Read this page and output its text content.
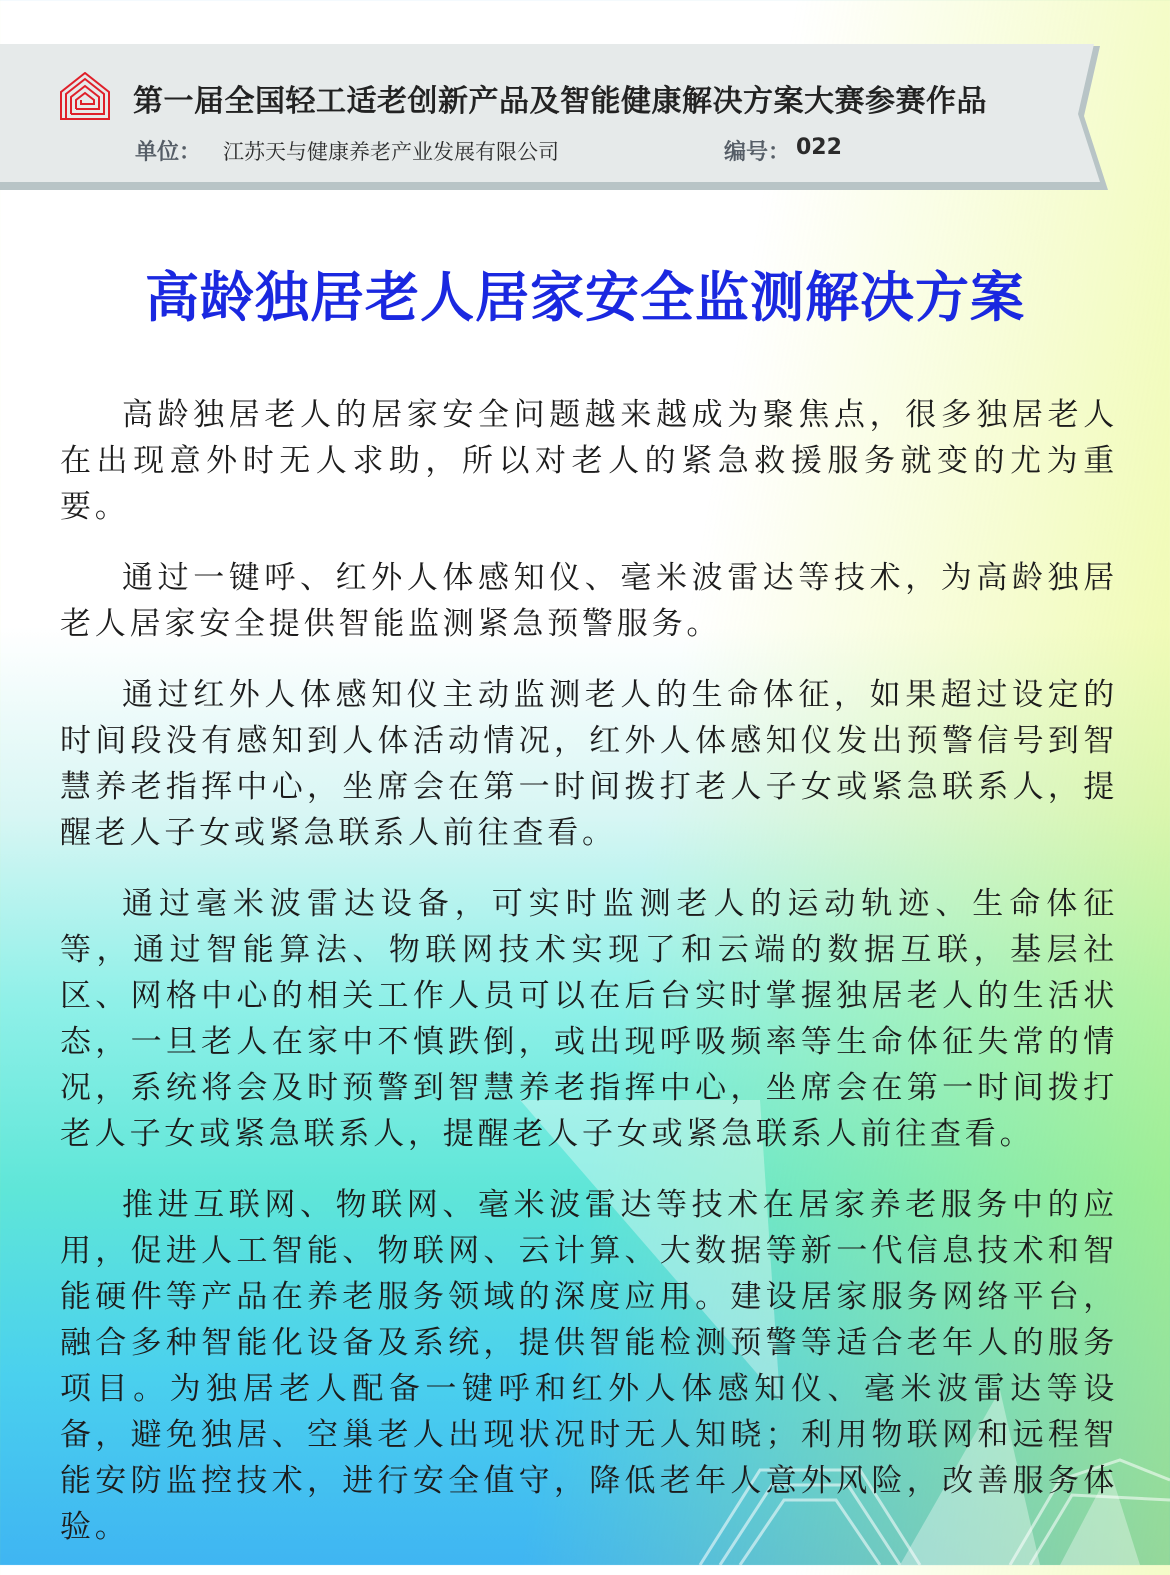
第一届全国轻工适老创新产品及智能健康解决方案大赛参赛作品
单位： 江苏天与健康养老产业发展有限公司	编号： 022
高龄独居老人居家安全监测解决方案

高龄独居老人的居家安全问题越来越成为聚焦点，很多独居老人在出现意外时无人求助，所以对老人的紧急救援服务就变的尤为重要。

通过一键呼、红外人体感知仪、毫米波雷达等技术，为高龄独居老人居家安全提供智能监测紧急预警服务。

通过红外人体感知仪主动监测老人的生命体征，如果超过设定的时间段没有感知到人体活动情况，红外人体感知仪发出预警信号到智慧养老指挥中心，坐席会在第一时间拨打老人子女或紧急联系人，提醒老人子女或紧急联系人前往查看。

通过毫米波雷达设备，可实时监测老人的运动轨迹、生命体征等，通过智能算法、物联网技术实现了和云端的数据互联，基层社区、网格中心的相关工作人员可以在后台实时掌握独居老人的生活状态，一旦老人在家中不慎跌倒，或出现呼吸频率等生命体征失常的情况，系统将会及时预警到智慧养老指挥中心，坐席会在第一时间拨打老人子女或紧急联系人，提醒老人子女或紧急联系人前往查看。

推进互联网、物联网、毫米波雷达等技术在居家养老服务中的应用，促进人工智能、物联网、云计算、大数据等新一代信息技术和智能硬件等产品在养老服务领域的深度应用。建设居家服务网络平台，融合多种智能化设备及系统，提供智能检测预警等适合老年人的服务项目。为独居老人配备一键呼和红外人体感知仪、毫米波雷达等设备，避免独居、空巢老人出现状况时无人知晓；利用物联网和远程智能安防监控技术，进行安全值守，降低老年人意外风险，改善服务体验。
